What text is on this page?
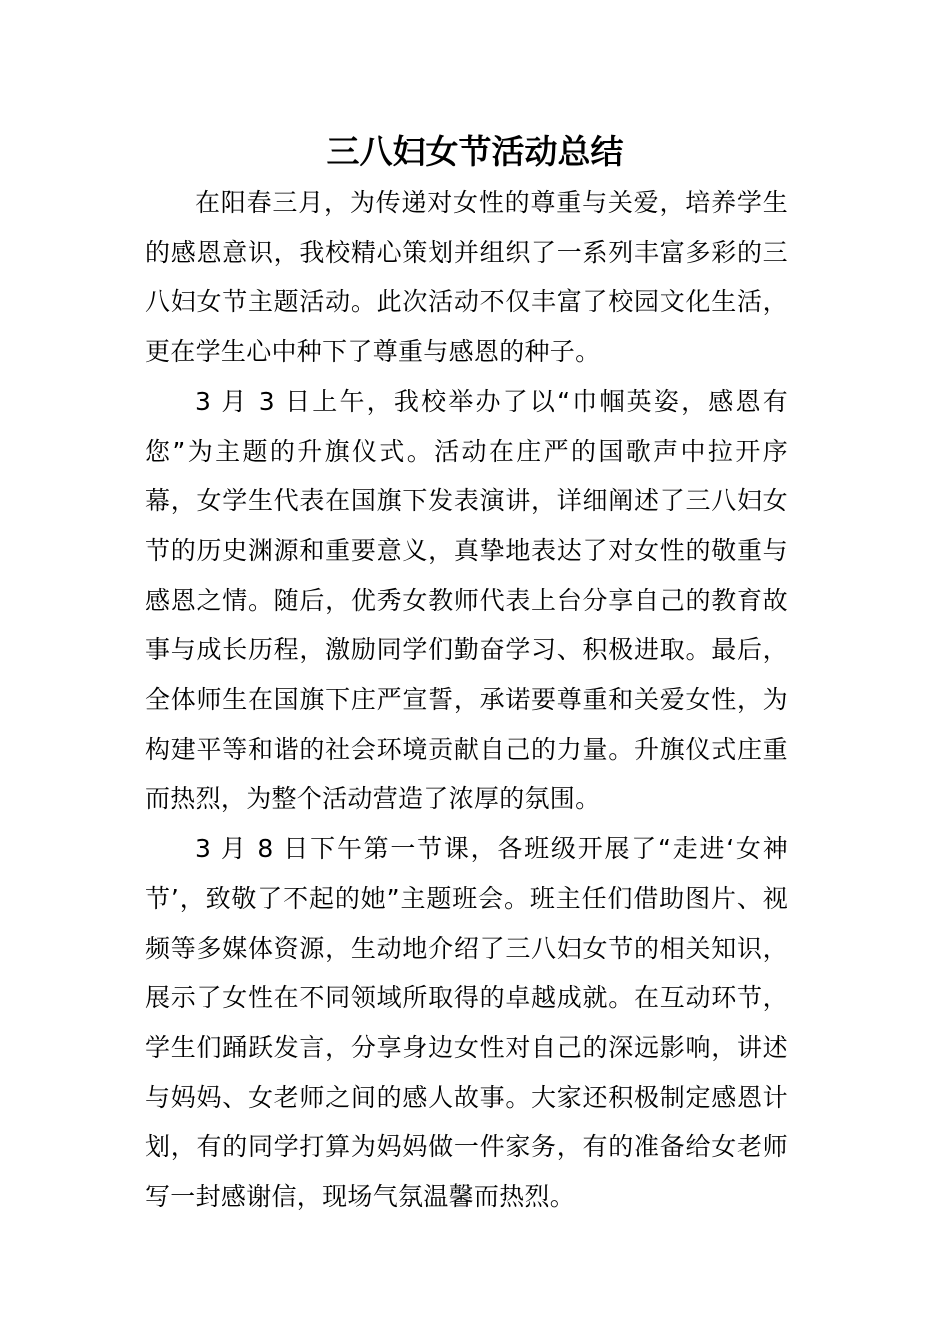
三八妇女节活动总结

在阳春三月，为传递对女性的尊重与关爱，培养学生的感恩意识，我校精心策划并组织了一系列丰富多彩的三八妇女节主题活动。此次活动不仅丰富了校园文化生活，更在学生心中种下了尊重与感恩的种子。

3 月 3 日上午，我校举办了以“巾帼英姿，感恩有您”为主题的升旗仪式。活动在庄严的国歌声中拉开序幕，女学生代表在国旗下发表演讲，详细阐述了三八妇女节的历史渊源和重要意义，真挚地表达了对女性的敬重与感恩之情。随后，优秀女教师代表上台分享自己的教育故事与成长历程，激励同学们勤奋学习、积极进取。最后，全体师生在国旗下庄严宣誓，承诺要尊重和关爱女性，为构建平等和谐的社会环境贡献自己的力量。升旗仪式庄重而热烈，为整个活动营造了浓厚的氛围。

3 月 8 日下午第一节课，各班级开展了“走进‘女神节’，致敬了不起的她”主题班会。班主任们借助图片、视频等多媒体资源，生动地介绍了三八妇女节的相关知识，展示了女性在不同领域所取得的卓越成就。在互动环节，学生们踊跃发言，分享身边女性对自己的深远影响，讲述与妈妈、女老师之间的感人故事。大家还积极制定感恩计划，有的同学打算为妈妈做一件家务，有的准备给女老师写一封感谢信，现场气氛温馨而热烈。
